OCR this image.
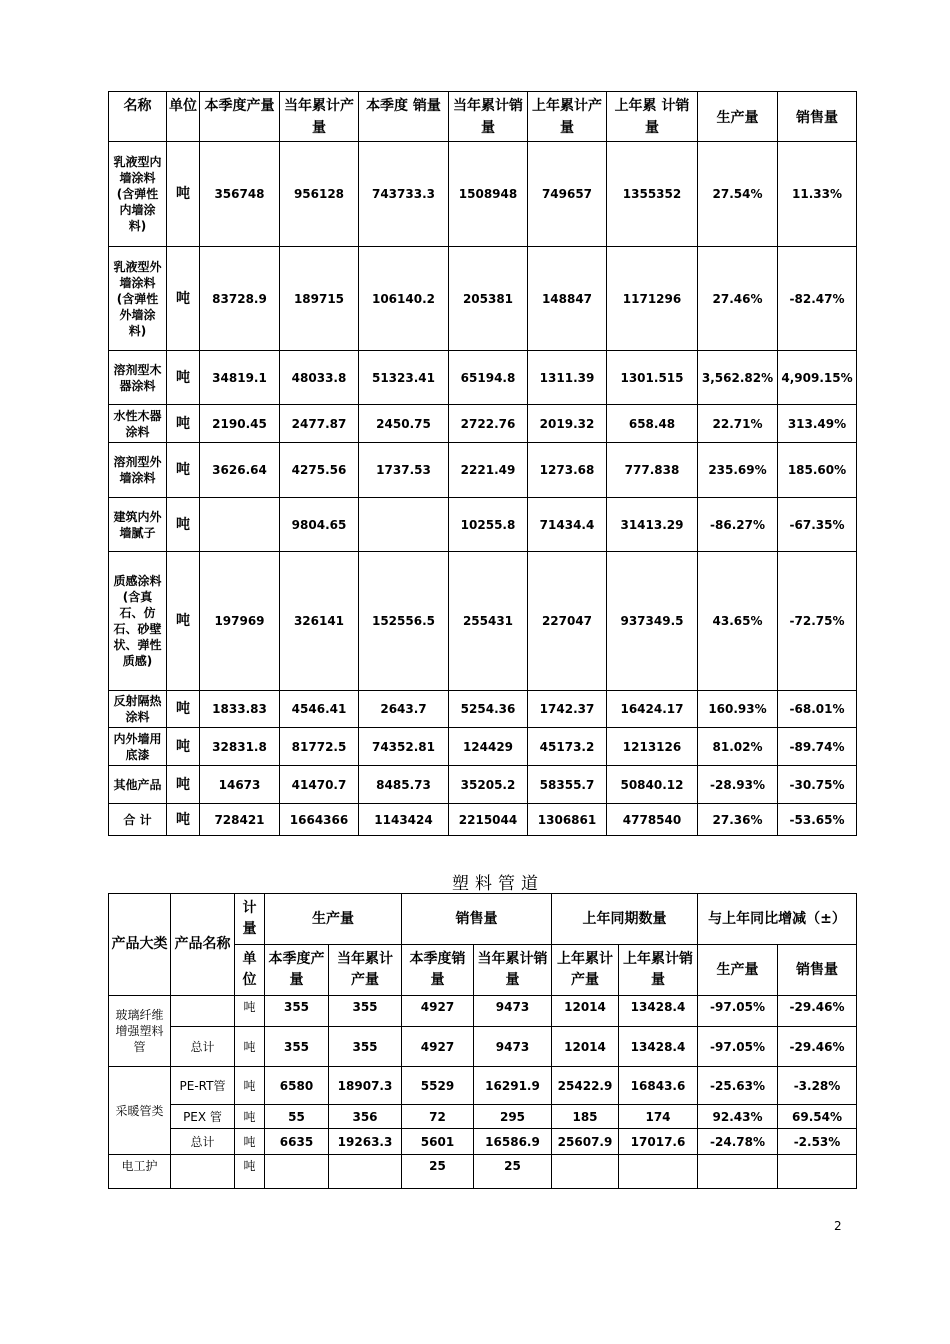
名称	单位	本季度产量	当年累计产量	本季度 销量	当年累计销量	上年累计产量	上年累 计销量	生产量	销售量
乳液型内墙涂料(含弹性内墙涂料)	吨	356748	956128	743733.3	1508948	749657	1355352	27.54%	11.33%
乳液型外墙涂料(含弹性外墙涂料)	吨	83728.9	189715	106140.2	205381	148847	1171296	27.46%	-82.47%
溶剂型木器涂料	吨	34819.1	48033.8	51323.41	65194.8	1311.39	1301.515	3,562.82%	4,909.15%
水性木器涂料	吨	2190.45	2477.87	2450.75	2722.76	2019.32	658.48	22.71%	313.49%
溶剂型外墙涂料	吨	3626.64	4275.56	1737.53	2221.49	1273.68	777.838	235.69%	185.60%
建筑内外墙腻子	吨		9804.65		10255.8	71434.4	31413.29	-86.27%	-67.35%
质感涂料(含真石、仿石、砂壁状、弹性质感)	吨	197969	326141	152556.5	255431	227047	937349.5	43.65%	-72.75%
反射隔热涂料	吨	1833.83	4546.41	2643.7	5254.36	1742.37	16424.17	160.93%	-68.01%
内外墙用底漆	吨	32831.8	81772.5	74352.81	124429	45173.2	1213126	81.02%	-89.74%
其他产品	吨	14673	41470.7	8485.73	35205.2	58355.7	50840.12	-28.93%	-30.75%
合 计	吨	728421	1664366	1143424	2215044	1306861	4778540	27.36%	-53.65%
塑料管道
产品大类	产品名称	计量	生产量		销售量		上年同期数量		与上年同比增减（±）	
		单位	本季度产量	当年累计产量	本季度销量	当年累计销量	上年累计产量	上年累计销量	生产量	销售量
玻璃纤维增强塑料管		吨	355	355	4927	9473	12014	13428.4	-97.05%	-29.46%
	总计	吨	355	355	4927	9473	12014	13428.4	-97.05%	-29.46%
采暖管类	PE-RT管	吨	6580	18907.3	5529	16291.9	25422.9	16843.6	-25.63%	-3.28%
	PEX 管	吨	55	356	72	295	185	174	92.43%	69.54%
	总计	吨	6635	19263.3	5601	16586.9	25607.9	17017.6	-24.78%	-2.53%
电工护		吨			25	25				
2
